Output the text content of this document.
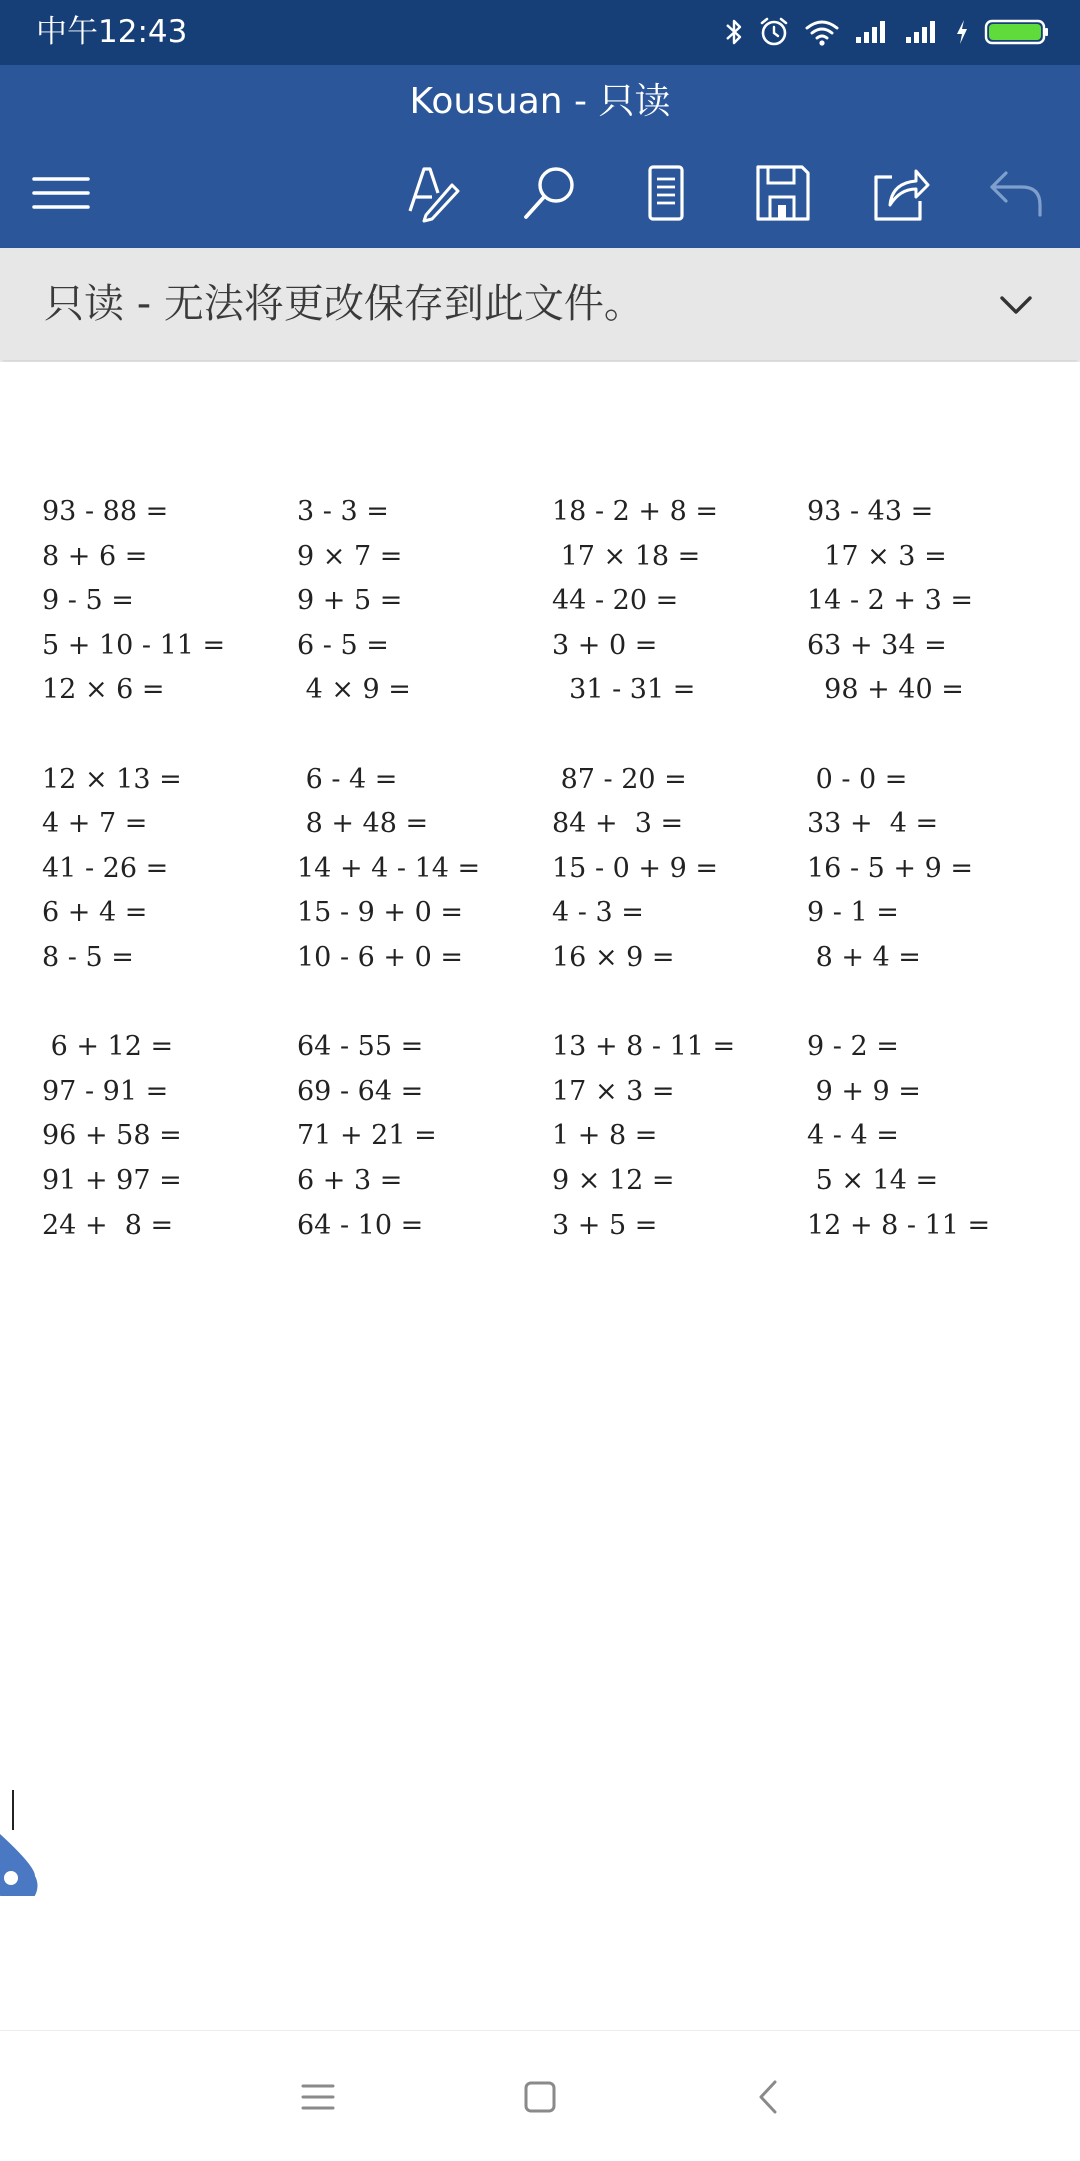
中午12:43
Kousuan - 只读
只读 - 无法将更改保存到此文件。
93 - 88 =	3 - 3 =	18 - 2 + 8 =	93 - 43 =
8 + 6 =	9 × 7 =	17 × 18 =	17 × 3 =
9 - 5 =	9 + 5 =	44 - 20 =	14 - 2 + 3 =
5 + 10 - 11 =	6 - 5 =	3 + 0 =	63 + 34 =
12 × 6 =	4 × 9 =	31 - 31 =	98 + 40 =
12 × 13 =	6 - 4 =	87 - 20 =	0 - 0 =
4 + 7 =	8 + 48 =	84 +  3 =	33 +  4 =
41 - 26 =	14 + 4 - 14 =	15 - 0 + 9 =	16 - 5 + 9 =
6 + 4 =	15 - 9 + 0 =	4 - 3 =	9 - 1 =
8 - 5 =	10 - 6 + 0 =	16 × 9 =	8 + 4 =
6 + 12 =	64 - 55 =	13 + 8 - 11 =	9 - 2 =
97 - 91 =	69 - 64 =	17 × 3 =	9 + 9 =
96 + 58 =	71 + 21 =	1 + 8 =	4 - 4 =
91 + 97 =	6 + 3 =	9 × 12 =	5 × 14 =
24 +  8 =	64 - 10 =	3 + 5 =	12 + 8 - 11 =
